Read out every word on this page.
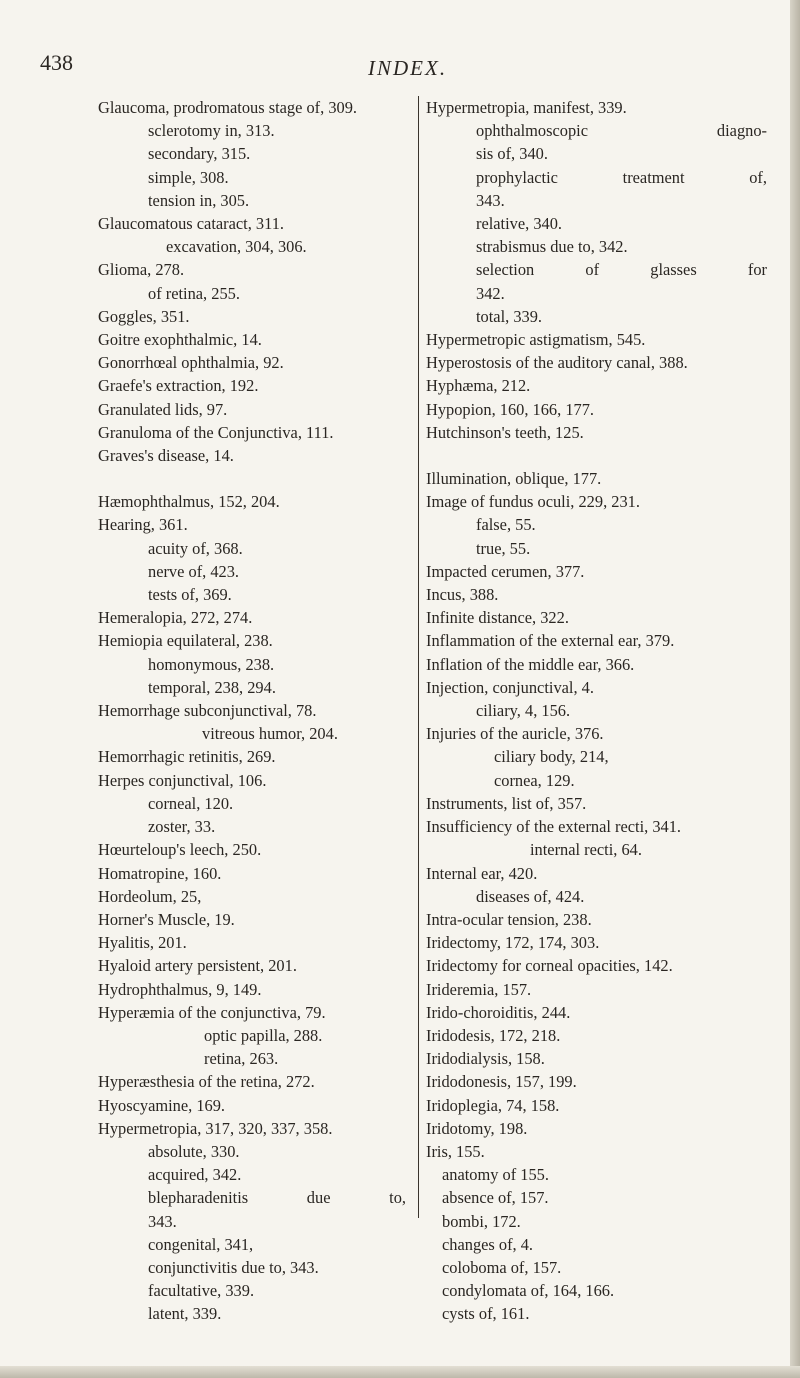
438	INDEX.
Glaucoma, prodromatous stage of, 309.
sclerotomy in, 313.
secondary, 315.
simple, 308.
tension in, 305.
Glaucomatous cataract, 311.
excavation, 304, 306.
Glioma, 278.
of retina, 255.
Goggles, 351.
Goitre exophthalmic, 14.
Gonorrhœal ophthalmia, 92.
Graefe's extraction, 192.
Granulated lids, 97.
Granuloma of the Conjunctiva, 111.
Graves's disease, 14.
Hæmophthalmus, 152, 204.
Hearing, 361.
acuity of, 368.
nerve of, 423.
tests of, 369.
Hemeralopia, 272, 274.
Hemiopia equilateral, 238.
homonymous, 238.
temporal, 238, 294.
Hemorrhage subconjunctival, 78.
vitreous humor, 204.
Hemorrhagic retinitis, 269.
Herpes conjunctival, 106.
corneal, 120.
zoster, 33.
Hœurteloup's leech, 250.
Homatropine, 160.
Hordeolum, 25,
Horner's Muscle, 19.
Hyalitis, 201.
Hyaloid artery persistent, 201.
Hydrophthalmus, 9, 149.
Hyperæmia of the conjunctiva, 79.
optic papilla, 288.
retina, 263.
Hyperæsthesia of the retina, 272.
Hyoscyamine, 169.
Hypermetropia, 317, 320, 337, 358.
absolute, 330.
acquired, 342.
blepharadenitis due to,
343.
congenital, 341,
conjunctivitis due to, 343.
facultative, 339.
latent, 339.
Hypermetropia, manifest, 339.
ophthalmoscopic diagno-
sis of, 340.
prophylactic treatment of,
343.
relative, 340.
strabismus due to, 342.
selection of glasses for
342.
total, 339.
Hypermetropic astigmatism, 545.
Hyperostosis of the auditory canal, 388.
Hyphæma, 212.
Hypopion, 160, 166, 177.
Hutchinson's teeth, 125.
Illumination, oblique, 177.
Image of fundus oculi, 229, 231.
false, 55.
true, 55.
Impacted cerumen, 377.
Incus, 388.
Infinite distance, 322.
Inflammation of the external ear, 379.
Inflation of the middle ear, 366.
Injection, conjunctival, 4.
ciliary, 4, 156.
Injuries of the auricle, 376.
ciliary body, 214,
cornea, 129.
Instruments, list of, 357.
Insufficiency of the external recti, 341.
internal recti, 64.
Internal ear, 420.
diseases of, 424.
Intra-ocular tension, 238.
Iridectomy, 172, 174, 303.
Iridectomy for corneal opacities, 142.
Irideremia, 157.
Irido-choroiditis, 244.
Iridodesis, 172, 218.
Iridodialysis, 158.
Iridodonesis, 157, 199.
Iridoplegia, 74, 158.
Iridotomy, 198.
Iris, 155.
anatomy of 155.
absence of, 157.
bombi, 172.
changes of, 4.
coloboma of, 157.
condylomata of, 164, 166.
cysts of, 161.
